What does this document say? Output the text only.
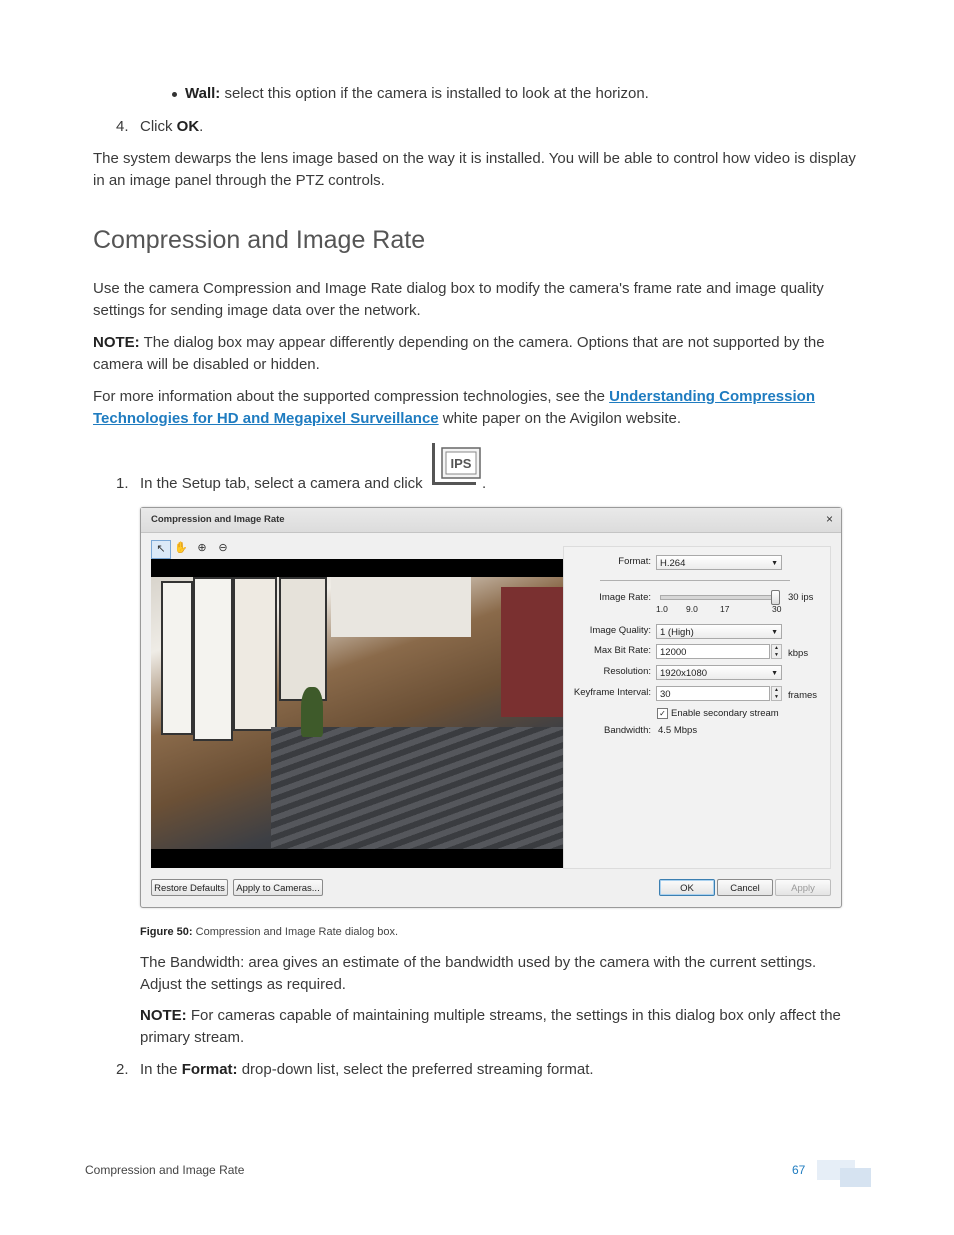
Wall: select this option if the camera is installed to look at the horizon.
4. Click OK.
The system dewarps the lens image based on the way it is installed. You will be able to control how video is display in an image panel through the PTZ controls.
Compression and Image Rate
Use the camera Compression and Image Rate dialog box to modify the camera's frame rate and image quality settings for sending image data over the network.
NOTE: The dialog box may appear differently depending on the camera. Options that are not supported by the camera will be disabled or hidden.
For more information about the supported compression technologies, see the Understanding Compression
Technologies for HD and Megapixel Surveillance white paper on the Avigilon website.
1. In the Setup tab, select a camera and click
IPS
.
Compression and Image Rate	×
↖ ✋ ⊕	⊖
Format: H.264	▼
Image Rate:	30 ips
1.0 9.0	17	30
Image Quality: 1 (High)	▼
Max Bit Rate: 12000	▲
▼ kbps
Resolution: 1920x1080	▼
Keyframe Interval: 30	▲
▼ frames
✓ Enable secondary stream
Bandwidth: 4.5 Mbps
Restore Defaults	Apply to Cameras...	OK	Cancel	Apply
Figure 50: Compression and Image Rate dialog box.
The Bandwidth: area gives an estimate of the bandwidth used by the camera with the current settings. Adjust the settings as required.
NOTE: For cameras capable of maintaining multiple streams, the settings in this dialog box only affect the primary stream.
2. In the Format: drop-down list, select the preferred streaming format.
Compression and Image Rate	67
